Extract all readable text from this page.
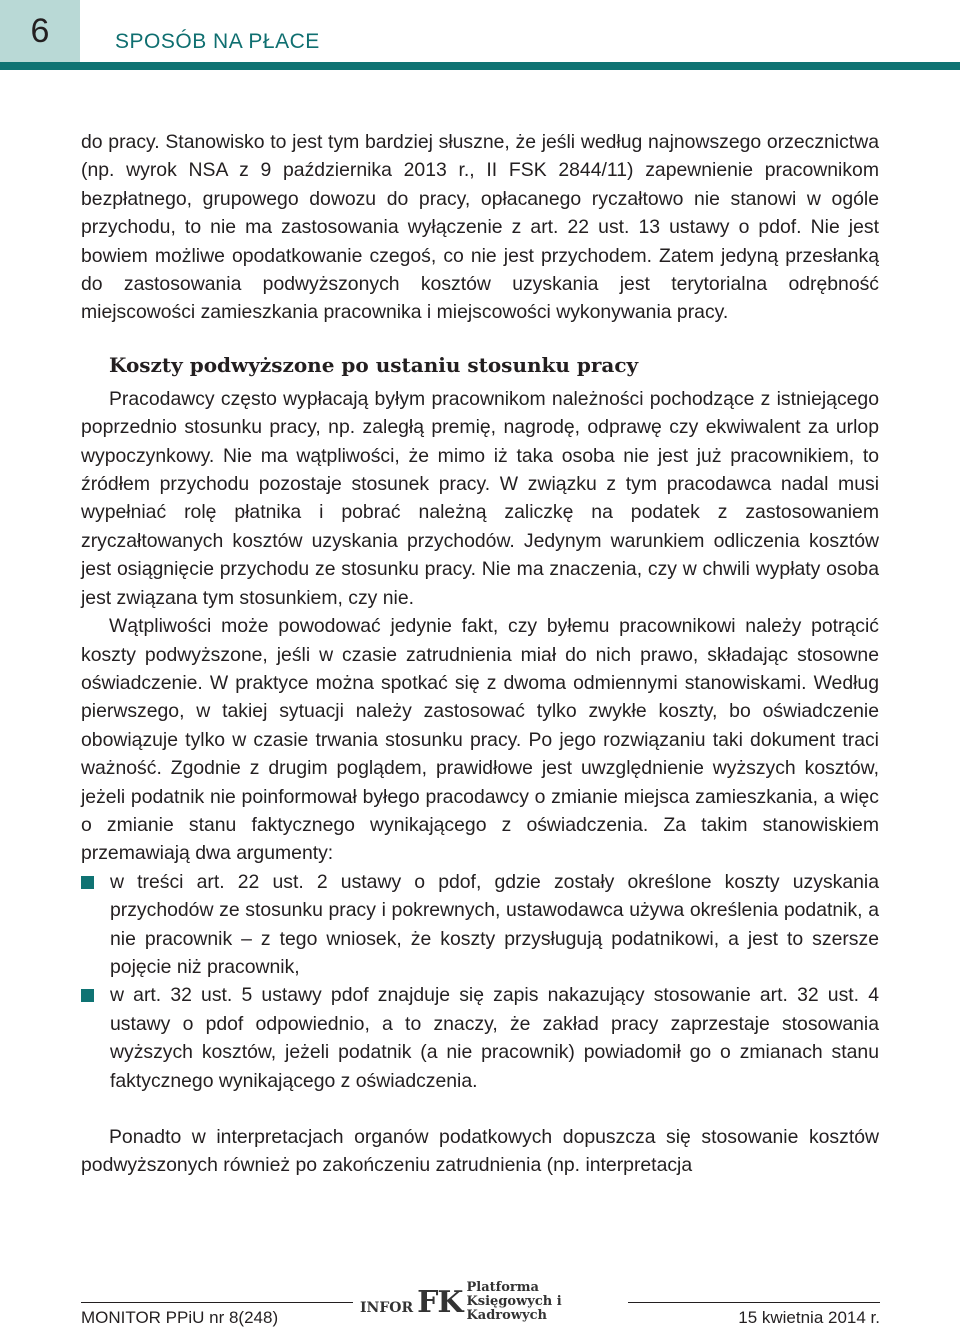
6	SPOSÓB NA PŁACE

do pracy. Stanowisko to jest tym bardziej słuszne, że jeśli według najnowszego orzecznictwa (np. wyrok NSA z 9 października 2013 r., II FSK 2844/11) zapewnienie pracownikom bezpłatnego, grupowego dowozu do pracy, opłacanego ryczałtowo nie stanowi w ogóle przychodu, to nie ma zastosowania wyłączenie z art. 22 ust. 13 ustawy o pdof. Nie jest bowiem możliwe opodatkowanie czegoś, co nie jest przychodem. Zatem jedyną przesłanką do zastosowania podwyższonych kosztów uzyskania jest terytorialna odrębność miejscowości zamieszkania pracownika i miejscowości wykonywania pracy.

Koszty podwyższone po ustaniu stosunku pracy

Pracodawcy często wypłacają byłym pracownikom należności pochodzące z istniejącego poprzednio stosunku pracy, np. zaległą premię, nagrodę, odprawę czy ekwiwalent za urlop wypoczynkowy. Nie ma wątpliwości, że mimo iż taka osoba nie jest już pracownikiem, to źródłem przychodu pozostaje stosunek pracy. W związku z tym pracodawca nadal musi wypełniać rolę płatnika i pobrać należną zaliczkę na podatek z zastosowaniem zryczałtowanych kosztów uzyskania przychodów. Jedynym warunkiem odliczenia kosztów jest osiągnięcie przychodu ze stosunku pracy. Nie ma znaczenia, czy w chwili wypłaty osoba jest związana tym stosunkiem, czy nie.

Wątpliwości może powodować jedynie fakt, czy byłemu pracownikowi należy potrącić koszty podwyższone, jeśli w czasie zatrudnienia miał do nich prawo, składając stosowne oświadczenie. W praktyce można spotkać się z dwoma odmiennymi stanowiskami. Według pierwszego, w takiej sytuacji należy zastosować tylko zwykłe koszty, bo oświadczenie obowiązuje tylko w czasie trwania stosunku pracy. Po jego rozwiązaniu taki dokument traci ważność. Zgodnie z drugim poglądem, prawidłowe jest uwzględnienie wyższych kosztów, jeżeli podatnik nie poinformował byłego pracodawcy o zmianie miejsca zamieszkania, a więc o zmianie stanu faktycznego wynikającego z oświadczenia. Za takim stanowiskiem przemawiają dwa argumenty:

w treści art. 22 ust. 2 ustawy o pdof, gdzie zostały określone koszty uzyskania przychodów ze stosunku pracy i pokrewnych, ustawodawca używa określenia podatnik, a nie pracownik – z tego wniosek, że koszty przysługują podatnikowi, a jest to szersze pojęcie niż pracownik,
w art. 32 ust. 5 ustawy pdof znajduje się zapis nakazujący stosowanie art. 32 ust. 4 ustawy o pdof odpowiednio, a to znaczy, że zakład pracy zaprzestaje stosowania wyższych kosztów, jeżeli podatnik (a nie pracownik) powiadomił go o zmianach stanu faktycznego wynikającego z oświadczenia.

Ponadto w interpretacjach organów podatkowych dopuszcza się stosowanie kosztów podwyższonych również po zakończeniu zatrudnienia (np. interpretacja

MONITOR PPiU nr 8(248)	INFOR FK Platforma
Księgowych i Kadrowych	15 kwietnia 2014 r.
